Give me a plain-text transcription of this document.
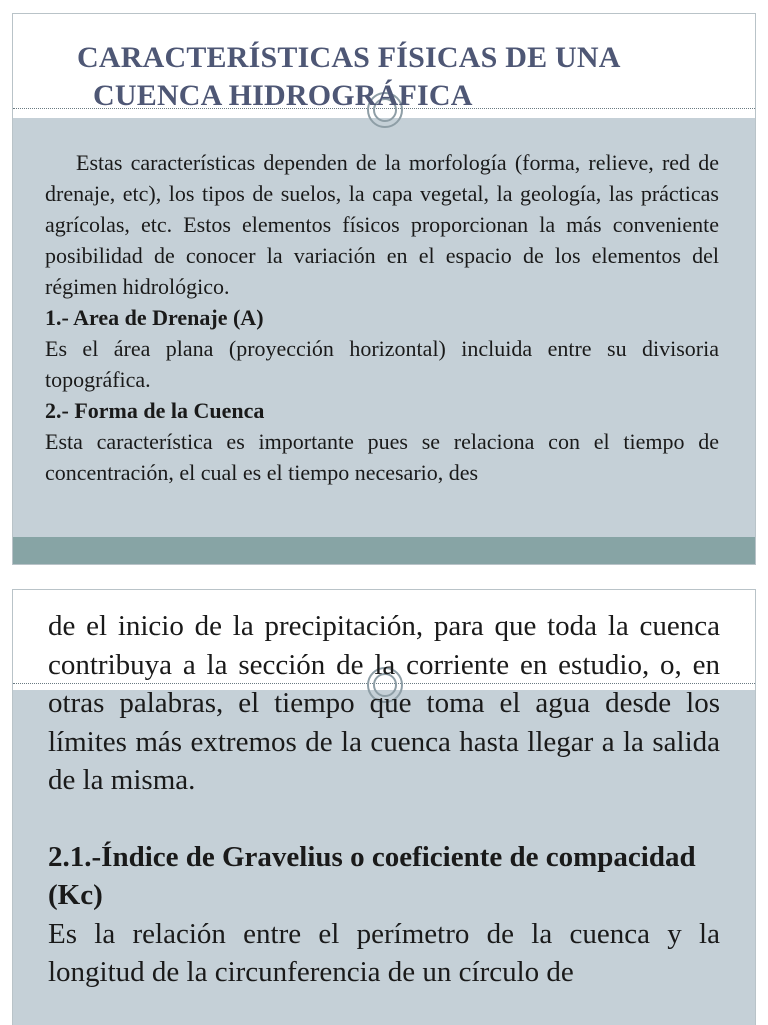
CARACTERÍSTICAS FÍSICAS DE UNA
CUENCA HIDROGRÁFICA

Estas características dependen de la morfología (forma, relieve, red de drenaje, etc), los tipos de suelos, la capa vegetal, la geología, las prácticas agrícolas, etc. Estos elementos físicos proporcionan la más conveniente posibilidad de conocer la variación en el espacio de los elementos del régimen hidrológico.

1.- Area de Drenaje (A)

Es el área plana (proyección horizontal) incluida entre su divisoria topográfica.

2.- Forma de la Cuenca

Esta característica es importante pues se relaciona con el tiempo de concentración, el cual es el tiempo necesario, des

de el inicio de la precipitación, para que toda la cuenca contribuya a la sección de la corriente en estudio, o, en otras palabras, el tiempo que toma el agua desde los límites más extremos de la cuenca hasta llegar a la salida de la misma.

2.1.-Índice de Gravelius o coeficiente de compacidad (Kc)

Es la relación entre el perímetro de la cuenca y la longitud de la circunferencia de un círculo de
